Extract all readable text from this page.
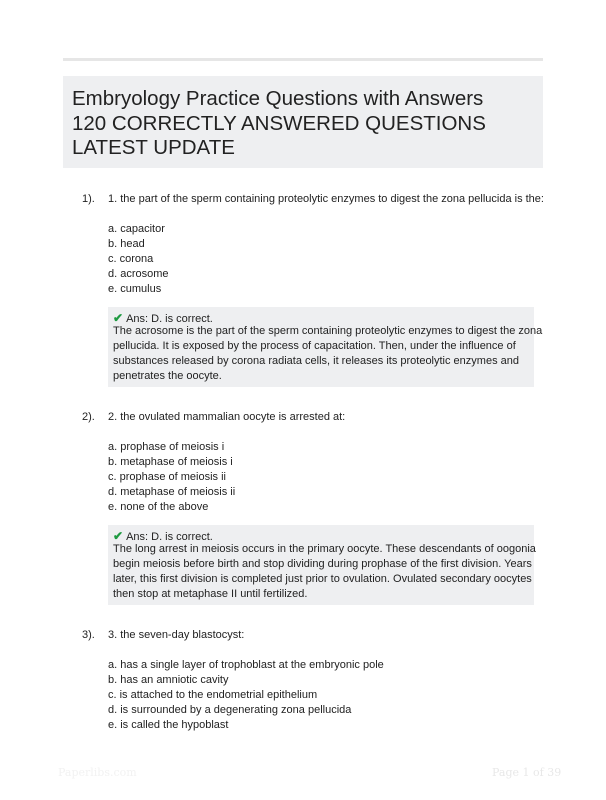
Embryology Practice Questions with Answers
120 CORRECTLY ANSWERED QUESTIONS
LATEST UPDATE
1). 1. the part of the sperm containing proteolytic enzymes to digest the zona pellucida is the:
a. capacitor
b. head
c. corona
d. acrosome
e. cumulus
✔ Ans: D. is correct.
The acrosome is the part of the sperm containing proteolytic enzymes to digest the zona
pellucida. It is exposed by the process of capacitation. Then, under the influence of
substances released by corona radiata cells, it releases its proteolytic enzymes and
penetrates the oocyte.
2). 2. the ovulated mammalian oocyte is arrested at:
a. prophase of meiosis i
b. metaphase of meiosis i
c. prophase of meiosis ii
d. metaphase of meiosis ii
e. none of the above
✔ Ans: D. is correct.
The long arrest in meiosis occurs in the primary oocyte. These descendants of oogonia
begin meiosis before birth and stop dividing during prophase of the first division. Years
later, this first division is completed just prior to ovulation. Ovulated secondary oocytes
then stop at metaphase II until fertilized.
3). 3. the seven-day blastocyst:
a. has a single layer of trophoblast at the embryonic pole
b. has an amniotic cavity
c. is attached to the endometrial epithelium
d. is surrounded by a degenerating zona pellucida
e. is called the hypoblast
Paperlibs.com	Page 1 of 39
